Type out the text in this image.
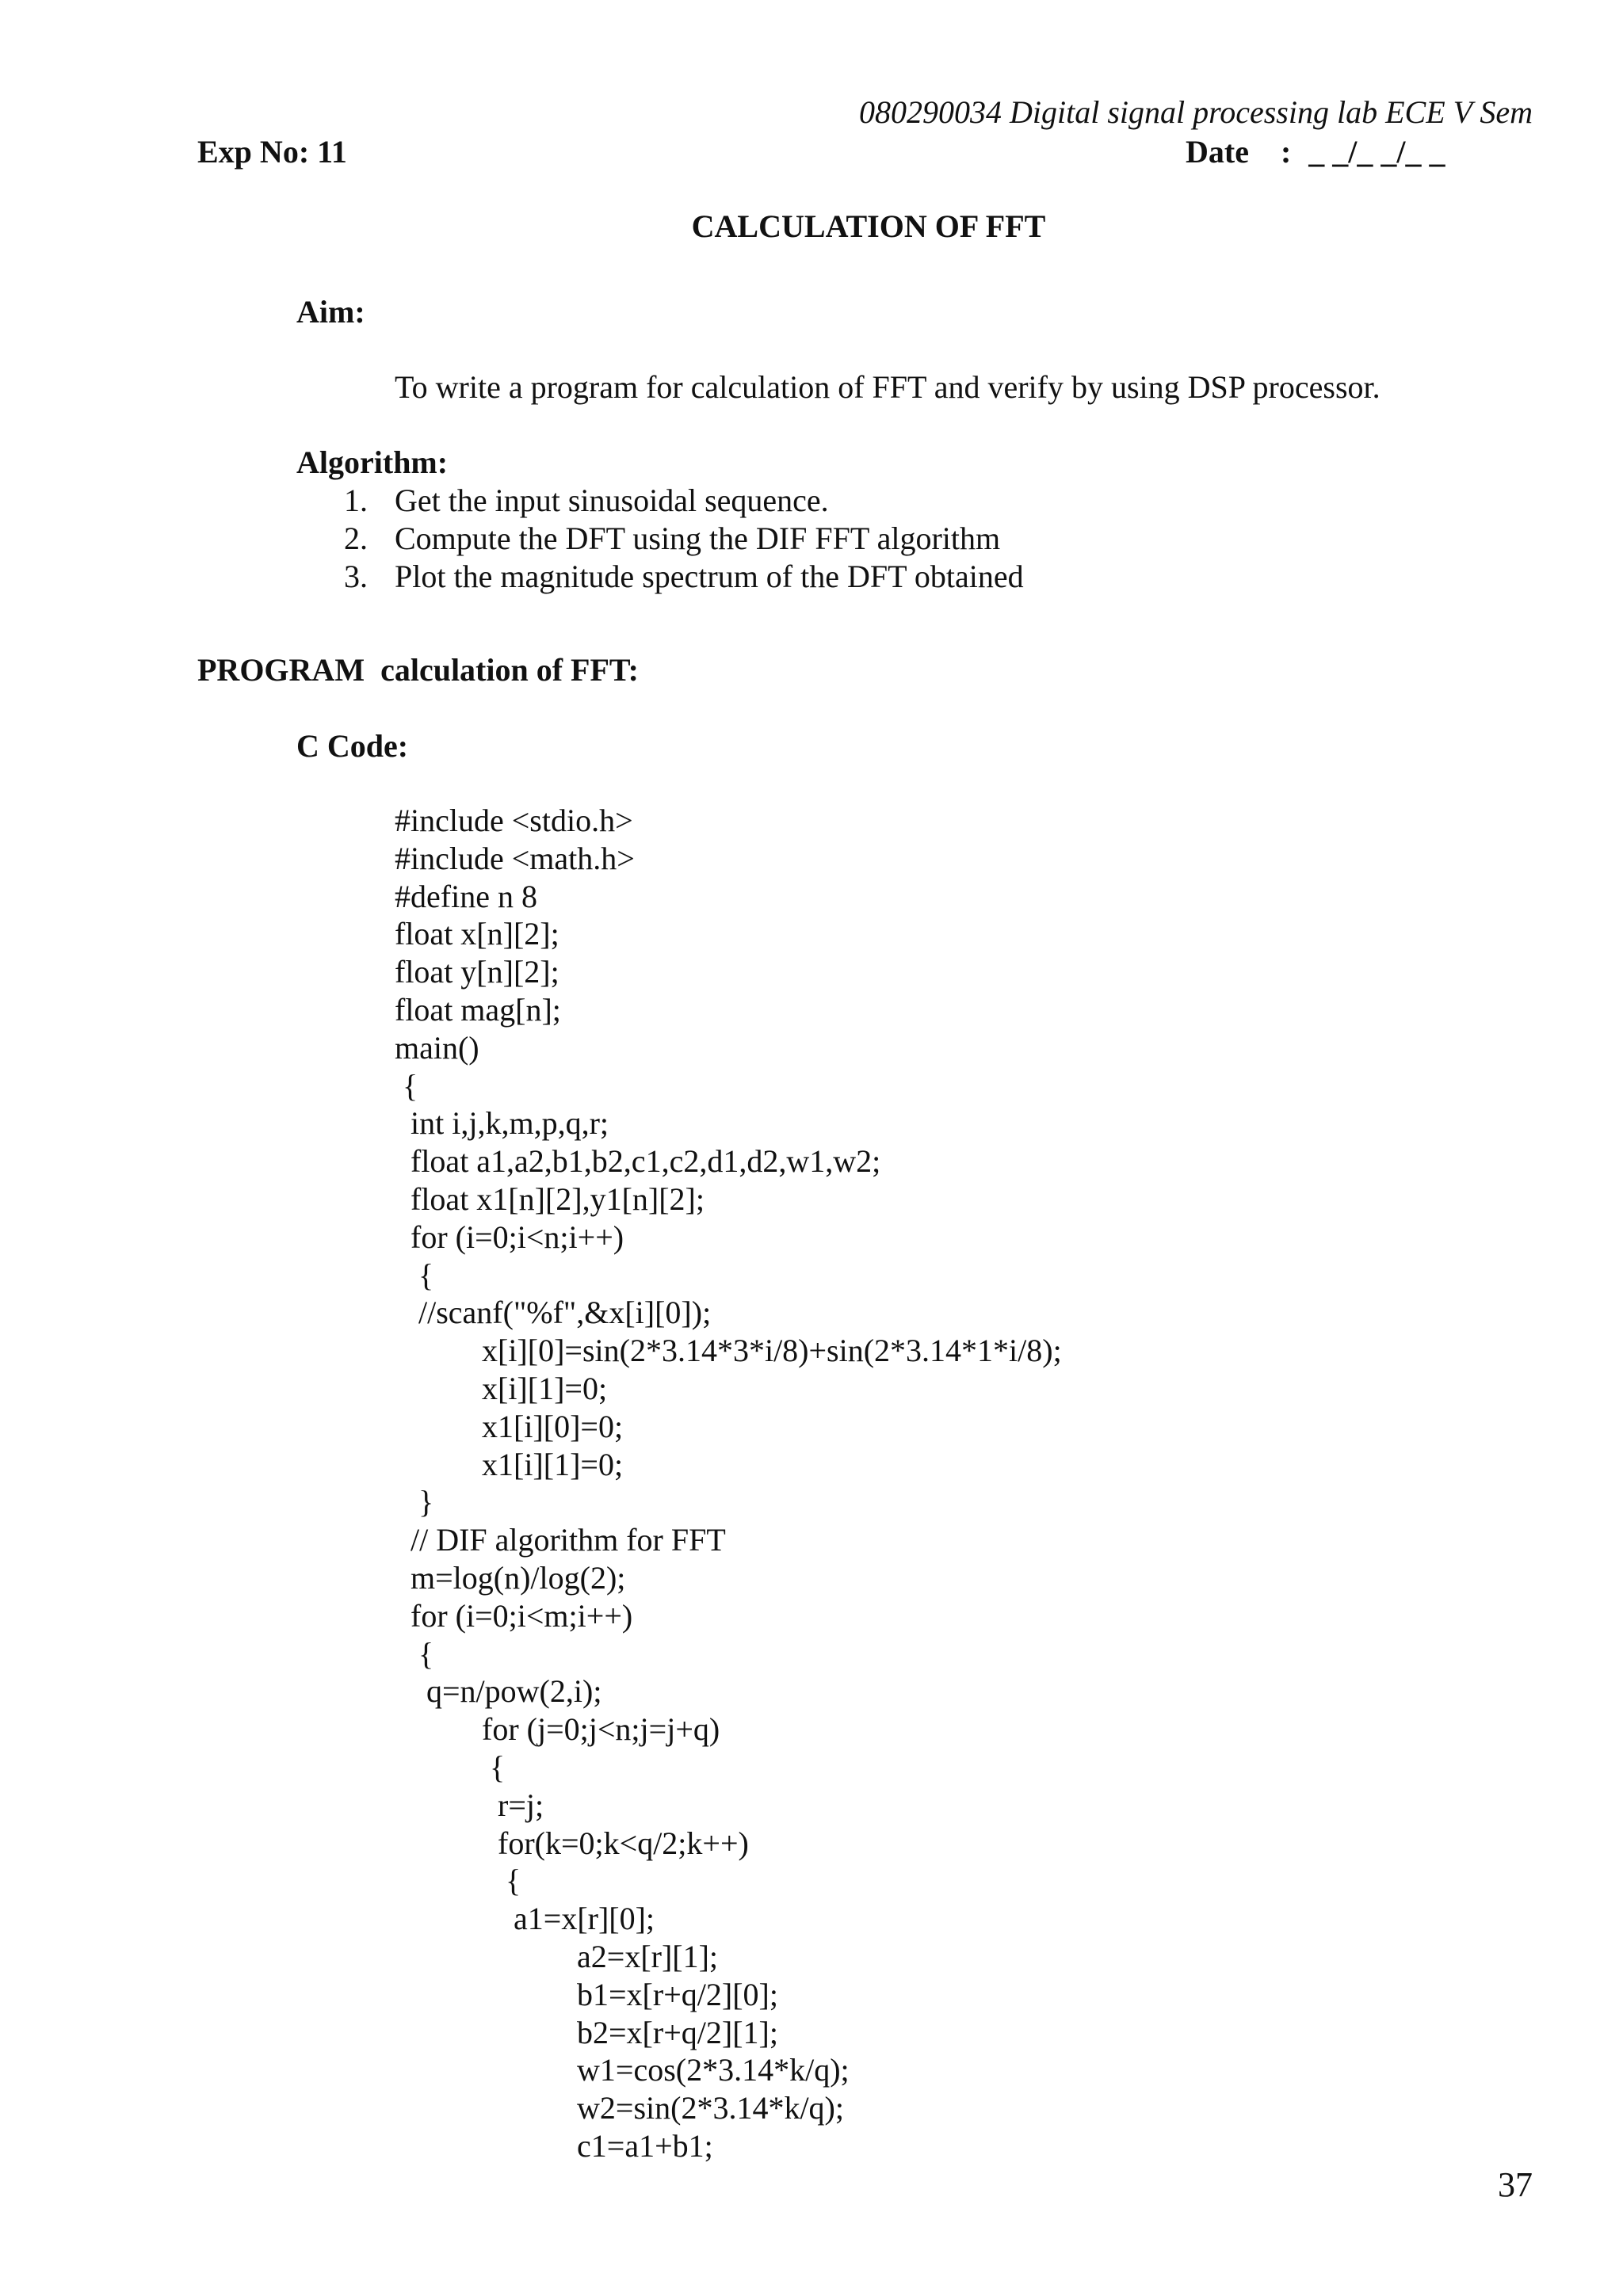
080290034 Digital signal processing lab ECE V Sem
Exp No: 11	Date : _ _/_ _/_ _
CALCULATION OF FFT
Aim:
To write a program for calculation of FFT and verify by using DSP processor.
Algorithm:
1. Get the input sinusoidal sequence.
2. Compute the DFT using the DIF FFT algorithm
3. Plot the magnitude spectrum of the DFT obtained
PROGRAM  calculation of FFT:
C Code:
#include <stdio.h>
#include <math.h>
#define n 8
float x[n][2];
float y[n][2];
float mag[n];
main()
{
int i,j,k,m,p,q,r;
float a1,a2,b1,b2,c1,c2,d1,d2,w1,w2;
float x1[n][2],y1[n][2];
for (i=0;i<n;i++)
{
//scanf("%f",&x[i][0]);
x[i][0]=sin(2*3.14*3*i/8)+sin(2*3.14*1*i/8);
x[i][1]=0;
x1[i][0]=0;
x1[i][1]=0;
}
// DIF algorithm for FFT
m=log(n)/log(2);
for (i=0;i<m;i++)
{
q=n/pow(2,i);
for (j=0;j<n;j=j+q)
{
r=j;
for(k=0;k<q/2;k++)
{
a1=x[r][0];
a2=x[r][1];
b1=x[r+q/2][0];
b2=x[r+q/2][1];
w1=cos(2*3.14*k/q);
w2=sin(2*3.14*k/q);
c1=a1+b1;
37
